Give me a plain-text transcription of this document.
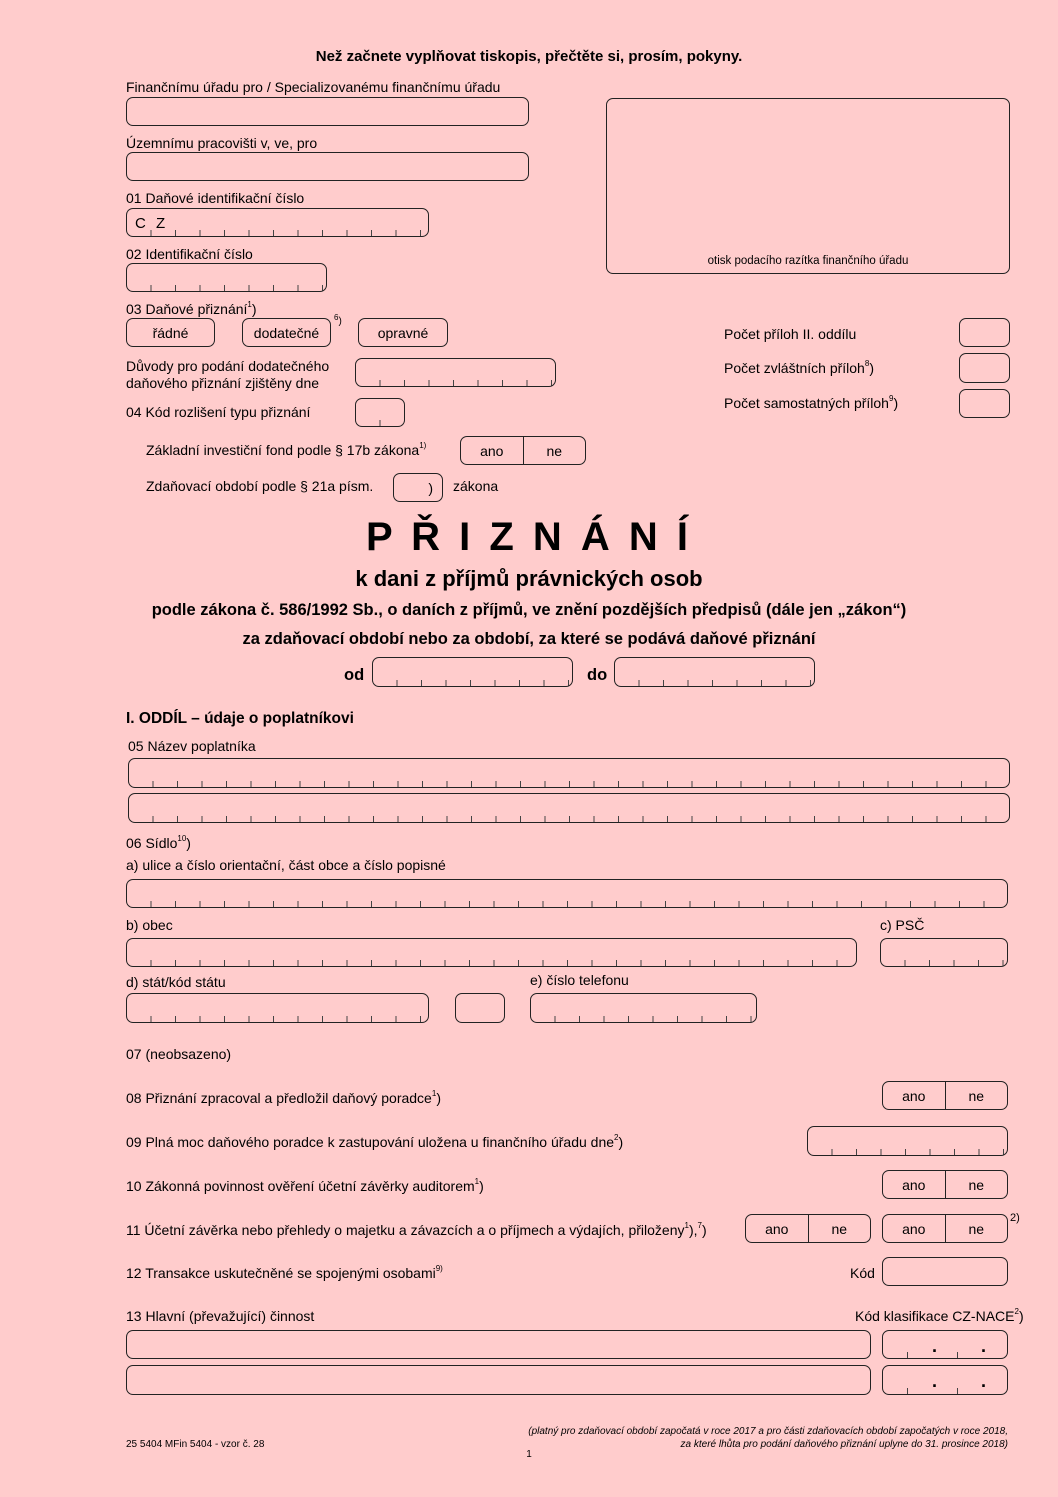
Než začnete vyplňovat tiskopis, přečtěte si, prosím, pokyny.
Finančnímu úřadu pro / Specializovanému finančnímu úřadu
Územnímu pracovišti v, ve, pro
otisk podacího razítka finančního úřadu
01 Daňové identifikační číslo
C Z
02 Identifikační číslo
03 Daňové přiznání$^1$)
řádné	dodatečné
$^6$)
opravné
Důvody pro podání dodatečného
daňového přiznání zjištěny dne
04 Kód rozlišení typu přiznání
Základní investiční fond podle § 17b zákona$^{1)}$	ano	ne
Zdaňovací období podle § 21a písm.	) zákona
Počet příloh II. oddílu
Počet zvláštních příloh$^8$)
Počet samostatných příloh$^9$)
P Ř I Z N Á N Í
k dani z příjmů právnických osob
podle zákona č. 586/1992 Sb., o daních z příjmů, ve znění pozdějších předpisů (dále jen „zákon“)
za zdaňovací období nebo za období, za které se podává daňové přiznání
od	do
I. ODDÍL – údaje o poplatníkovi
05 Název poplatníka
06 Sídlo$^{10}$)
a) ulice a číslo orientační, část obce a číslo popisné
b) obec	c) PSČ
d) stát/kód státu	e) číslo telefonu
07 (neobsazeno)
08 Přiznání zpracoval a předložil daňový poradce$^1$)	ano	ne
09 Plná moc daňového poradce k zastupování uložena u finančního úřadu dne$^2$)
10 Zákonná povinnost ověření účetní závěrky auditorem$^1$)	ano	ne
11 Účetní závěrka nebo přehledy o majetku a závazcích a o příjmech a výdajích, přiloženy$^1$),$^7$)	ano	ne	ano	ne
2)
12 Transakce uskutečněné se spojenými osobami$^{9)}$	Kód
13 Hlavní (převažující) činnost	Kód klasifikace CZ-NACE$^2$)
. .
. .
25 5404 MFin 5404 - vzor č. 28
(platný pro zdaňovací období započatá v roce 2017 a pro části zdaňovacích období započatých v roce 2018,
za které lhůta pro podání daňového přiznání uplyne do 31. prosince 2018)
1
